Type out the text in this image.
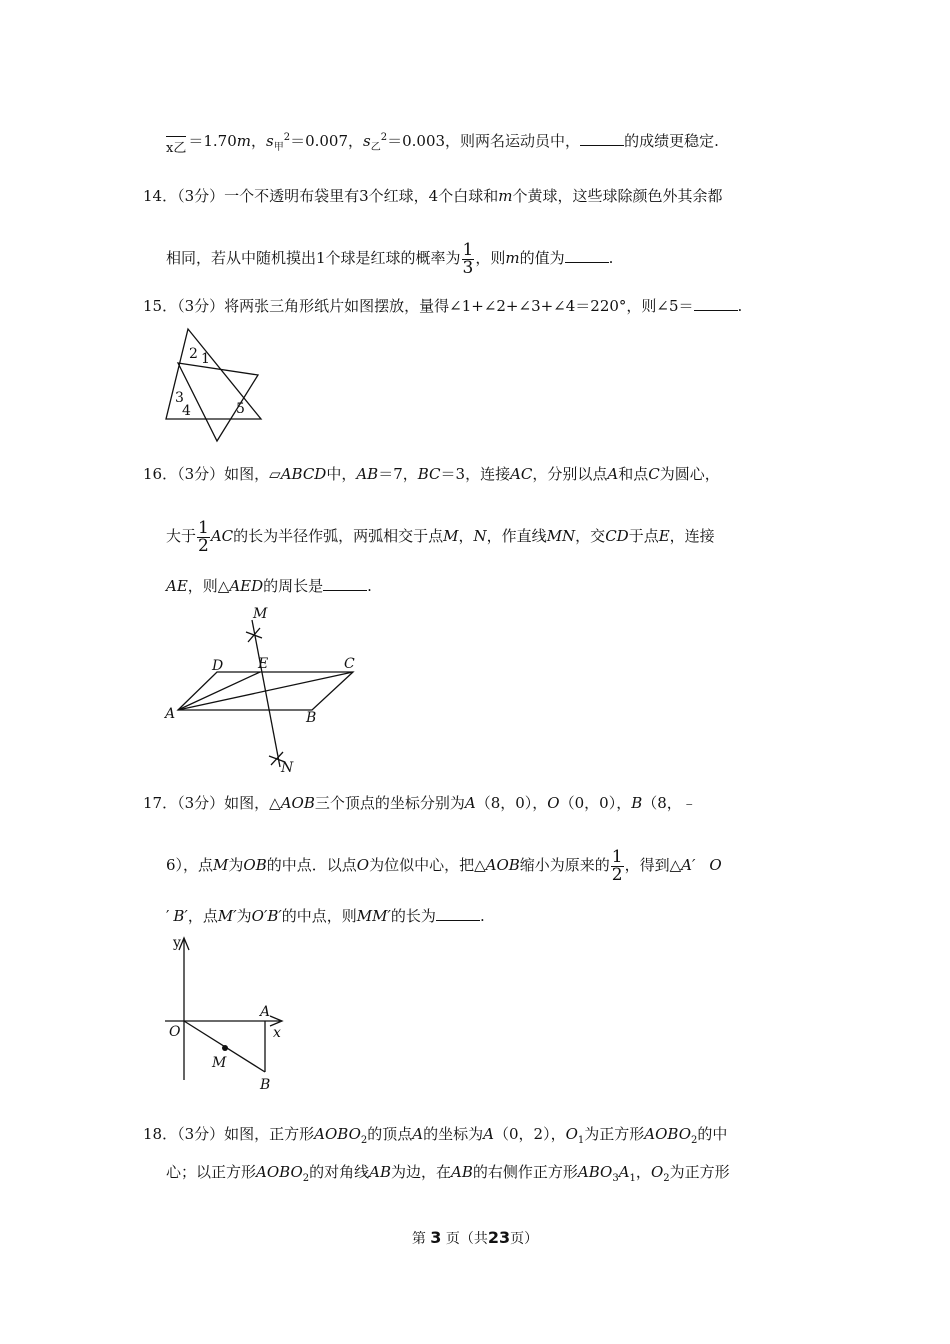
x乙 ＝1.70m，$s_甲^2=0.007$，$s_乙^2=0.003$，则两名运动员中，	的成绩更稳定.
14．（3分）一个不透明布袋里有3个红球，4个白球和m个黄球，这些球除颜色外其余都
相同，若从中随机摸出1个球是红球的概率为 $\frac{1}{3}$ ，则m的值为	.
15．（3分）将两张三角形纸片如图摆放，量得∠1+∠2+∠3+∠4＝220°，则∠5＝	.
2 1
3
4	5
16．（3分）如图，▱ABCD中，AB＝7，BC＝3，连接AC，分别以点A和点C为圆心，
大于 $\frac{1}{2}$ AC的长为半径作弧，两弧相交于点M，N，作直线MN，交CD于点E，连接
AE，则△AED的周长是	.
M
D E	C
A	B
N
17．（3分）如图，△AOB三个顶点的坐标分别为A（8，0），O（0，0），B（8，﹣
6），点M为OB的中点．以点O为位似中心，把△AOB缩小为原来的 $\frac{1}{2}$ ，得到△A′ O
′ B′，点M′为O′B′的中点，则MM′的长为	.
y
A
O	x
M
B
18．（3分）如图，正方形$AOBO_2$的顶点A的坐标为A（0，2），$O_1$为正方形$AOBO_2$的中
心；以正方形$AOBO_2$的对角线AB为边，在AB的右侧作正方形$ABO_3A_1$，$O_2$为正方形
第 3 页（共23页）
